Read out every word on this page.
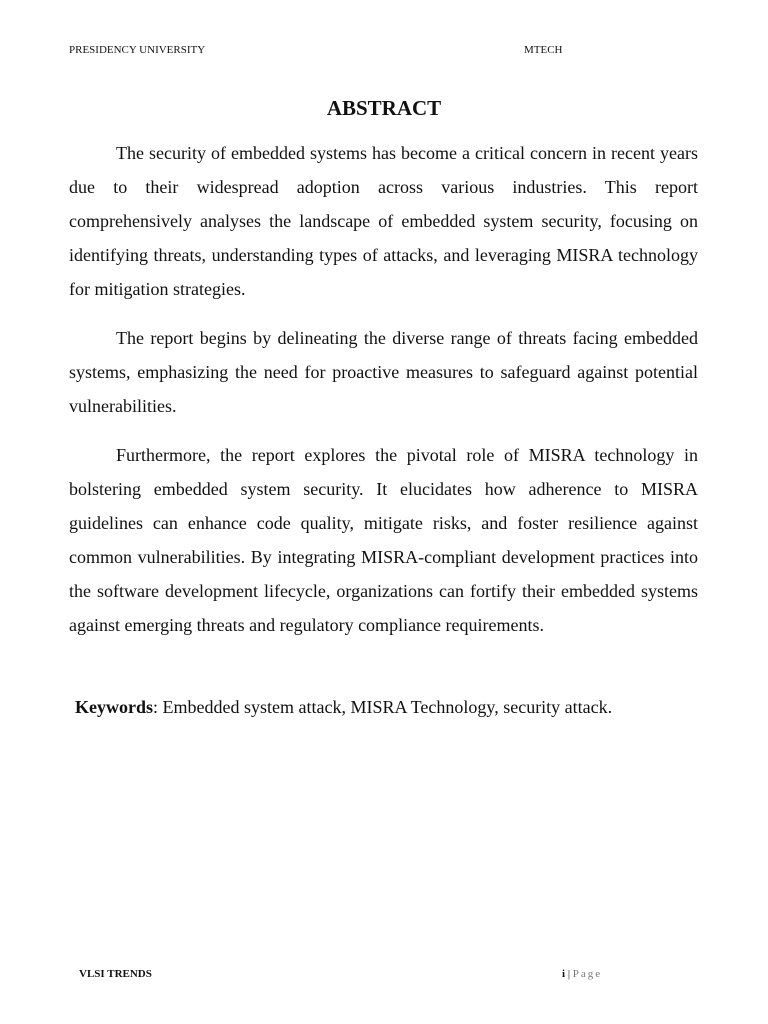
PRESIDENCY UNIVERSITY	MTECH
ABSTRACT

The security of embedded systems has become a critical concern in recent years due to their widespread adoption across various industries. This report comprehensively analyses the landscape of embedded system security, focusing on identifying threats, understanding types of attacks, and leveraging MISRA technology for mitigation strategies.

The report begins by delineating the diverse range of threats facing embedded systems, emphasizing the need for proactive measures to safeguard against potential vulnerabilities.

Furthermore, the report explores the pivotal role of MISRA technology in bolstering embedded system security. It elucidates how adherence to MISRA guidelines can enhance code quality, mitigate risks, and foster resilience against common vulnerabilities. By integrating MISRA-compliant development practices into the software development lifecycle, organizations can fortify their embedded systems against emerging threats and regulatory compliance requirements.

Keywords: Embedded system attack, MISRA Technology, security attack.
VLSI TRENDS	i | Page
